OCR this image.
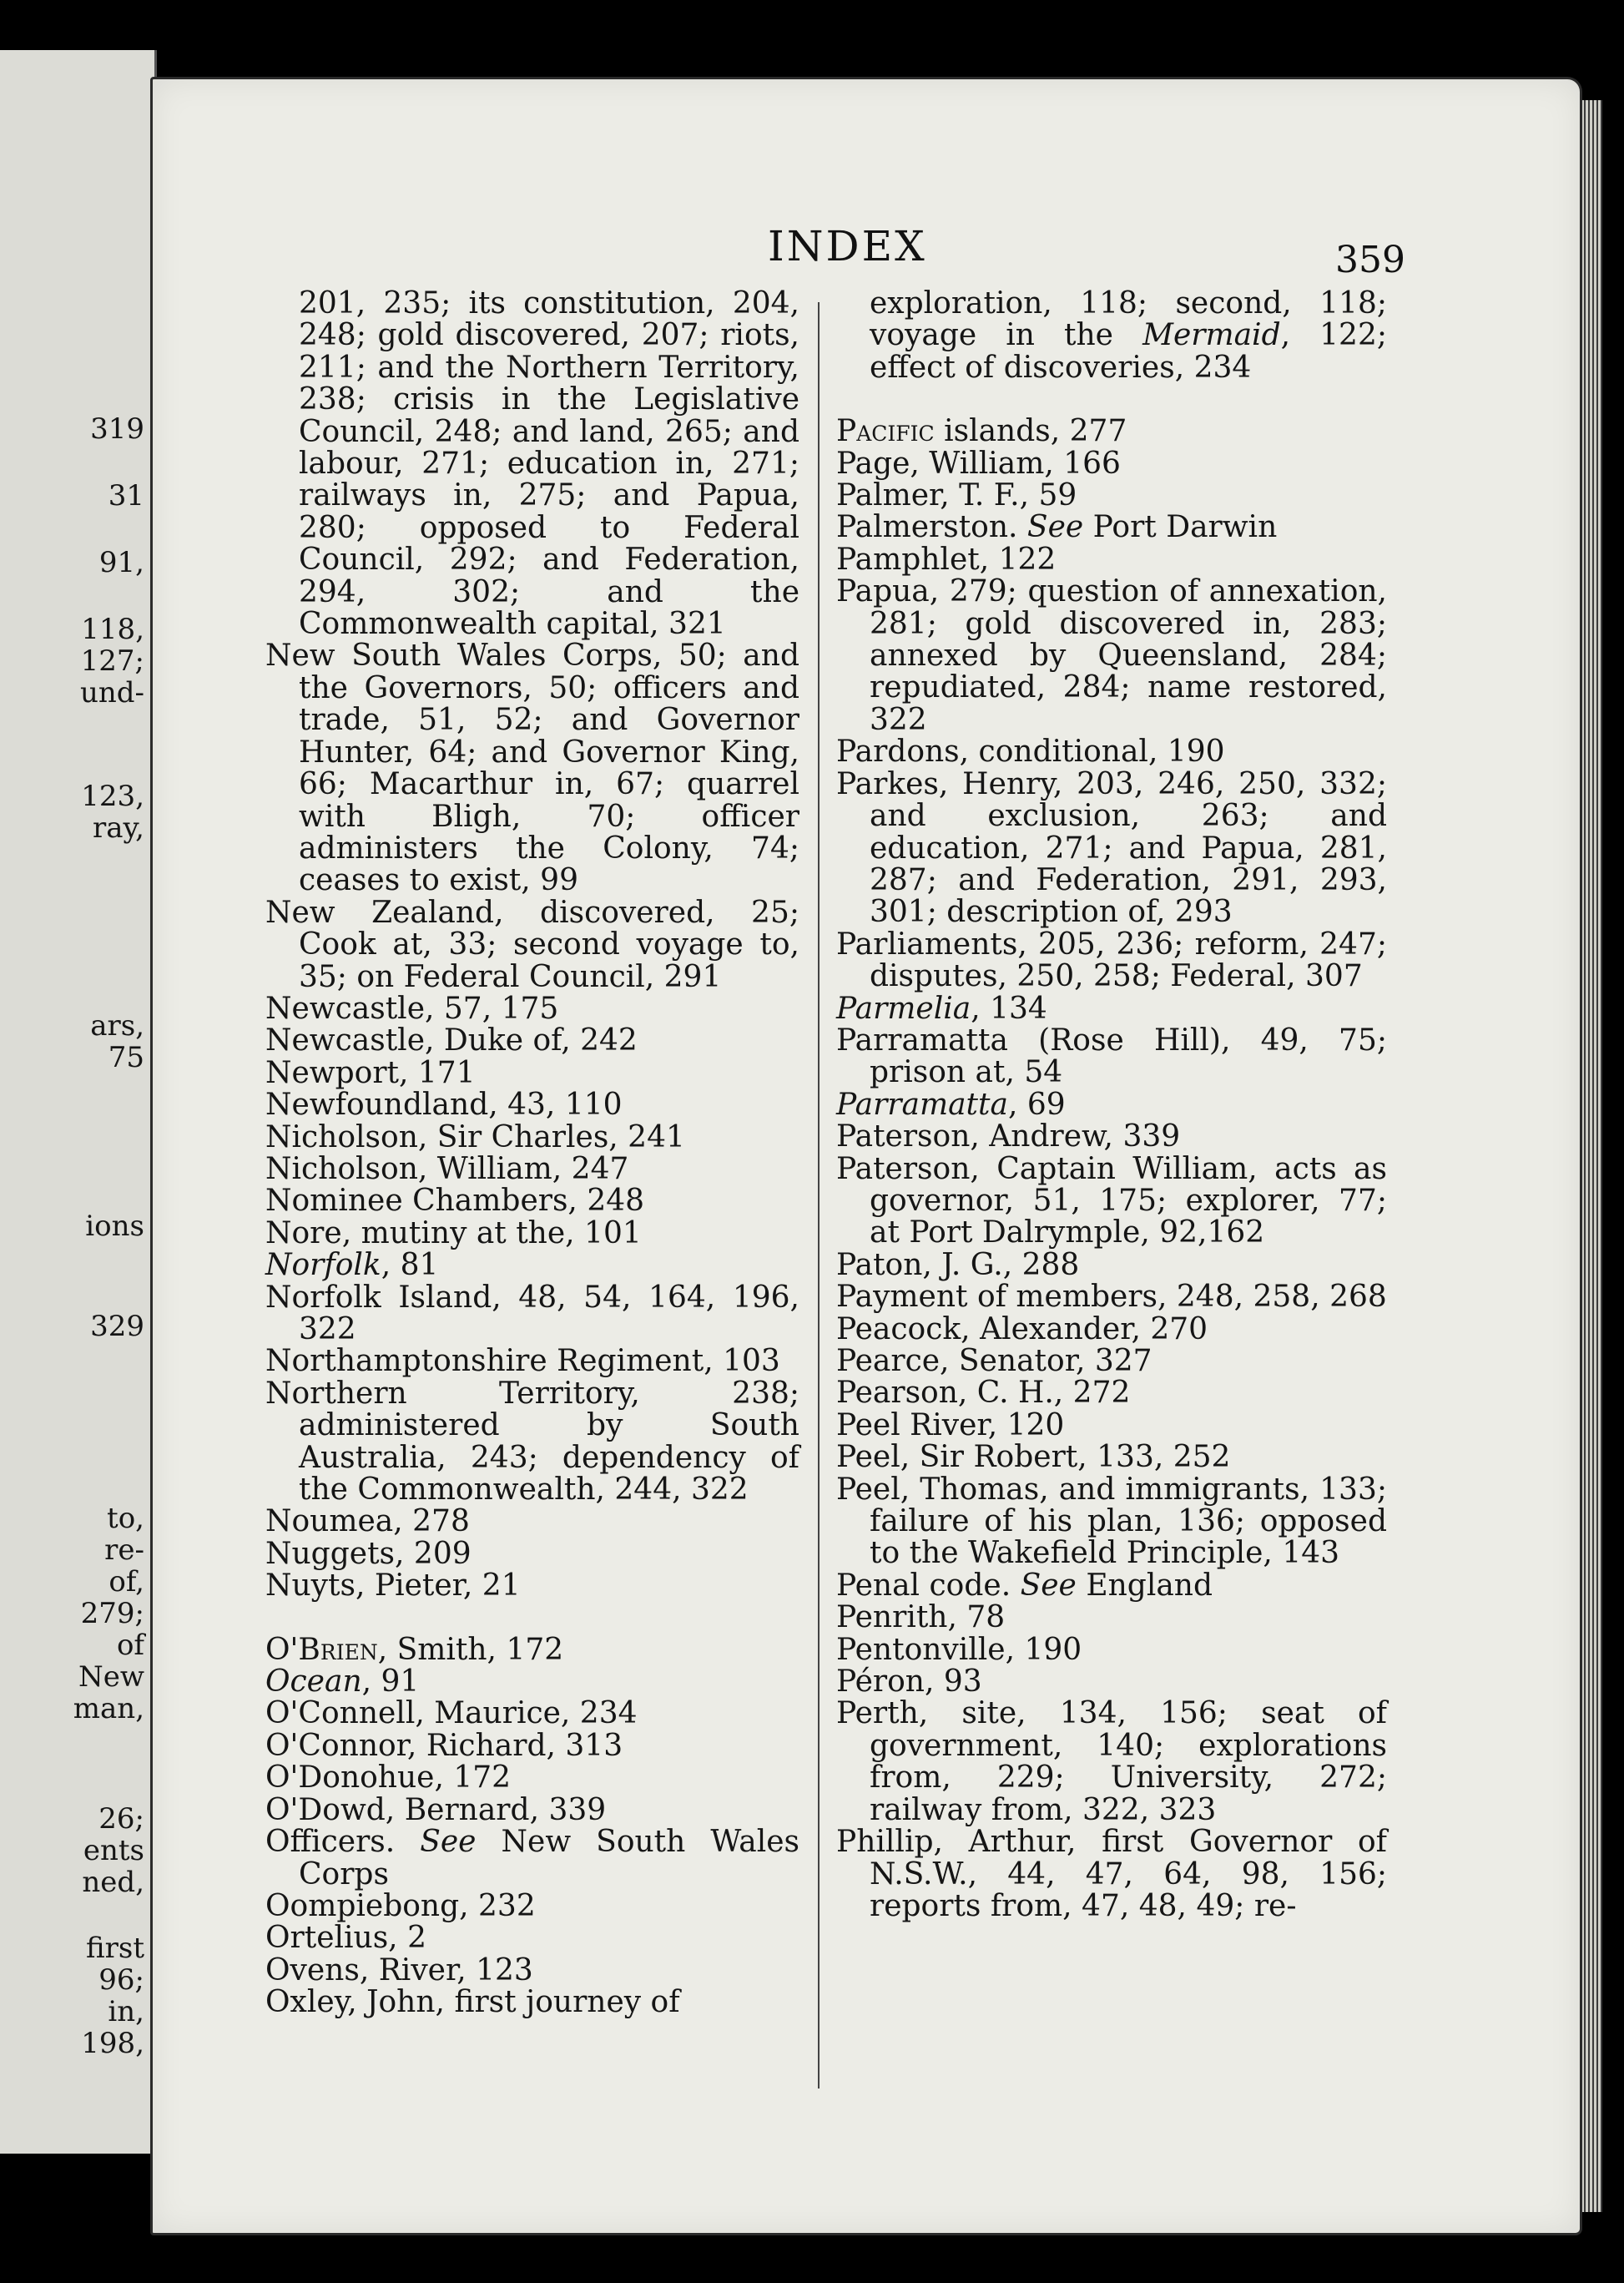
319
31
91,
118,
127;
und-
123,
ray,
ars,
75
ions
329
to,
re-
of,
279;
of
New
man,
26;
ents
ned,
first
96;
in,
198,
INDEX	359

201, 235; its constitution, 204, 248; gold discovered, 207; riots, 211; and the Northern Territory, 238; crisis in the Legislative Council, 248; and land, 265; and labour, 271; education in, 271; railways in, 275; and Papua, 280; opposed to Federal Council, 292; and Federation, 294, 302; and the Commonwealth capital, 321

New South Wales Corps, 50; and the Governors, 50; officers and trade, 51, 52; and Governor Hunter, 64; and Governor King, 66; Macarthur in, 67; quarrel with Bligh, 70; officer administers the Colony, 74; ceases to exist, 99

New Zealand, discovered, 25; Cook at, 33; second voyage to, 35; on Federal Council, 291

Newcastle, 57, 175

Newcastle, Duke of, 242

Newport, 171

Newfoundland, 43, 110

Nicholson, Sir Charles, 241

Nicholson, William, 247

Nominee Chambers, 248

Nore, mutiny at the, 101

Norfolk, 81

Norfolk Island, 48, 54, 164, 196, 322

Northamptonshire Regiment, 103

Northern Territory, 238; administered by South Australia, 243; dependency of the Commonwealth, 244, 322

Noumea, 278

Nuggets, 209

Nuyts, Pieter, 21

O'Brien, Smith, 172

Ocean, 91

O'Connell, Maurice, 234

O'Connor, Richard, 313

O'Donohue, 172

O'Dowd, Bernard, 339

Officers. See New South Wales Corps

Oompiebong, 232

Ortelius, 2

Ovens, River, 123

Oxley, John, first journey of

exploration, 118; second, 118; voyage in the Mermaid, 122; effect of discoveries, 234

Pacific islands, 277

Page, William, 166

Palmer, T. F., 59

Palmerston. See Port Darwin

Pamphlet, 122

Papua, 279; question of annexation, 281; gold discovered in, 283; annexed by Queensland, 284; repudiated, 284; name restored, 322

Pardons, conditional, 190

Parkes, Henry, 203, 246, 250, 332; and exclusion, 263; and education, 271; and Papua, 281, 287; and Federation, 291, 293, 301; description of, 293

Parliaments, 205, 236; reform, 247; disputes, 250, 258; Federal, 307

Parmelia, 134

Parramatta (Rose Hill), 49, 75; prison at, 54

Parramatta, 69

Paterson, Andrew, 339

Paterson, Captain William, acts as governor, 51, 175; explorer, 77; at Port Dalrymple, 92,162

Paton, J. G., 288

Payment of members, 248, 258, 268

Peacock, Alexander, 270

Pearce, Senator, 327

Pearson, C. H., 272

Peel River, 120

Peel, Sir Robert, 133, 252

Peel, Thomas, and immigrants, 133; failure of his plan, 136; opposed to the Wakefield Principle, 143

Penal code. See England

Penrith, 78

Pentonville, 190

Péron, 93

Perth, site, 134, 156; seat of government, 140; explorations from, 229; University, 272; railway from, 322, 323

Phillip, Arthur, first Governor of N.S.W., 44, 47, 64, 98, 156; reports from, 47, 48, 49; re-
